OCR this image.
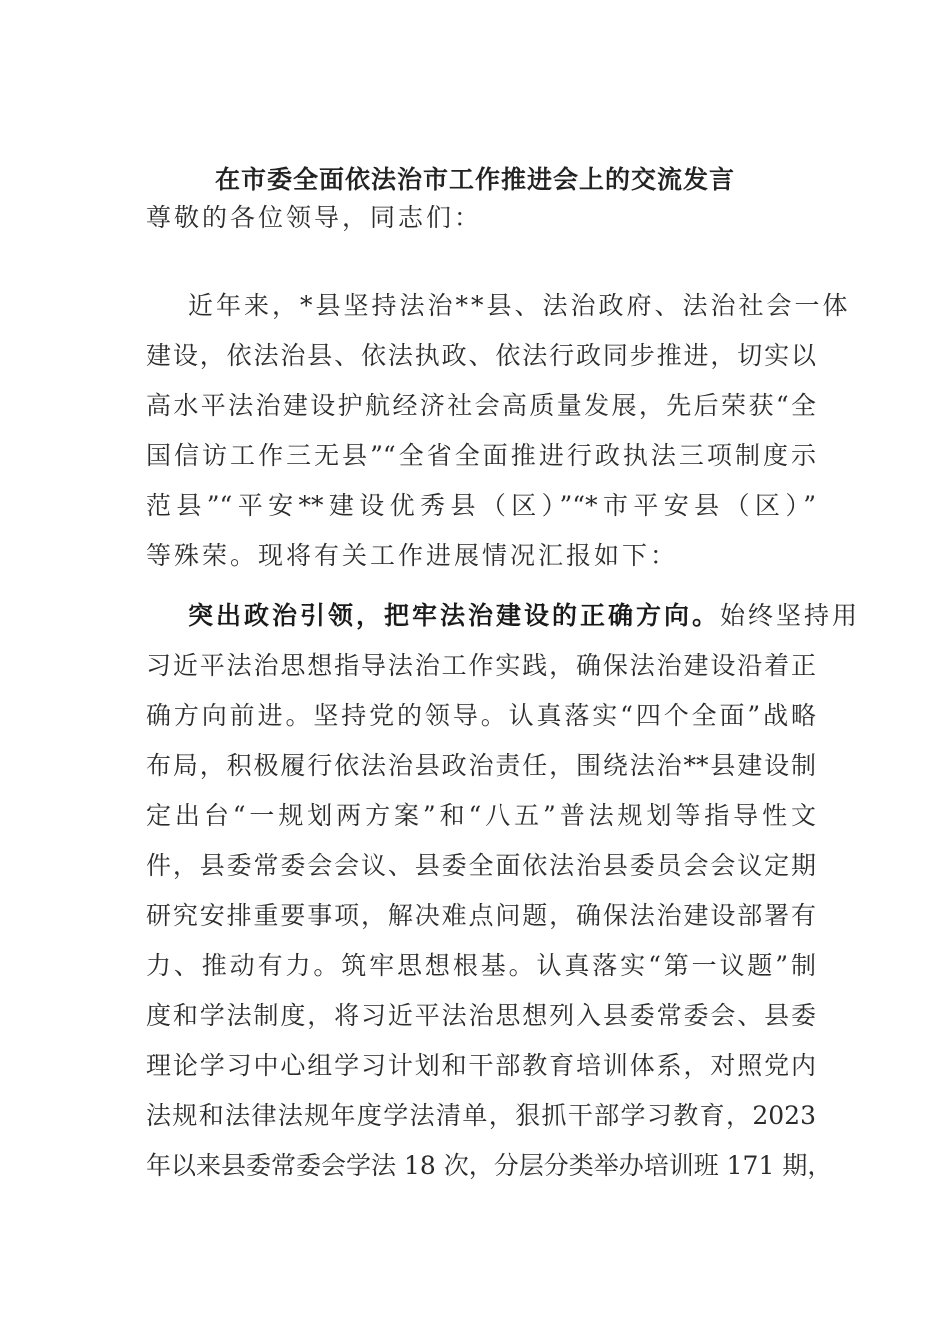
在市委全面依法治市工作推进会上的交流发言
尊敬的各位领导，同志们：
近年来，*县坚持法治**县、法治政府、法治社会一体
建设，依法治县、依法执政、依法行政同步推进，切实以
高水平法治建设护航经济社会高质量发展，先后荣获“全
国信访工作三无县”“全省全面推进行政执法三项制度示
范县”“平安**建设优秀县（区）”“*市平安县（区）”
等殊荣。现将有关工作进展情况汇报如下：
突出政治引领，把牢法治建设的正确方向。始终坚持用
习近平法治思想指导法治工作实践，确保法治建设沿着正
确方向前进。坚持党的领导。认真落实“四个全面”战略
布局，积极履行依法治县政治责任，围绕法治**县建设制
定出台“一规划两方案”和“八五”普法规划等指导性文
件，县委常委会会议、县委全面依法治县委员会会议定期
研究安排重要事项，解决难点问题，确保法治建设部署有
力、推动有力。筑牢思想根基。认真落实“第一议题”制
度和学法制度，将习近平法治思想列入县委常委会、县委
理论学习中心组学习计划和干部教育培训体系，对照党内
法规和法律法规年度学法清单，狠抓干部学习教育，2023
年以来县委常委会学法 18 次，分层分类举办培训班 171 期，
